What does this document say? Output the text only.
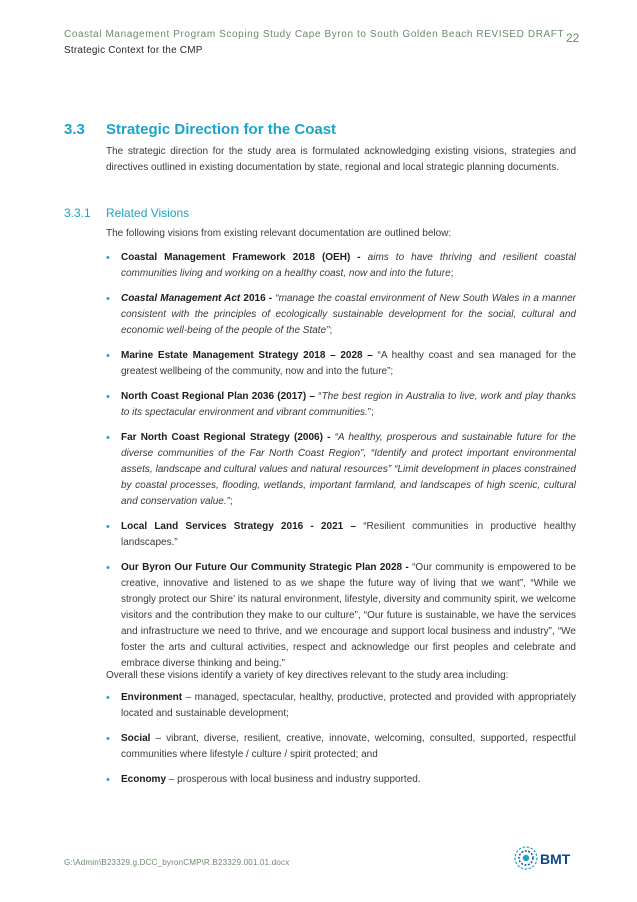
Coastal Management Program Scoping Study Cape Byron to South Golden Beach REVISED DRAFT
Strategic Context for the CMP
22
3.3 Strategic Direction for the Coast
The strategic direction for the study area is formulated acknowledging existing visions, strategies and directives outlined in existing documentation by state, regional and local strategic planning documents.
3.3.1 Related Visions
The following visions from existing relevant documentation are outlined below:
• Coastal Management Framework 2018 (OEH) - aims to have thriving and resilient coastal communities living and working on a healthy coast, now and into the future;
• Coastal Management Act 2016 - “manage the coastal environment of New South Wales in a manner consistent with the principles of ecologically sustainable development for the social, cultural and economic well-being of the people of the State”;
• Marine Estate Management Strategy 2018 – 2028 – “A healthy coast and sea managed for the greatest wellbeing of the community, now and into the future”;
• North Coast Regional Plan 2036 (2017) – “The best region in Australia to live, work and play thanks to its spectacular environment and vibrant communities.”;
• Far North Coast Regional Strategy (2006) - “A healthy, prosperous and sustainable future for the diverse communities of the Far North Coast Region”, “Identify and protect important environmental assets, landscape and cultural values and natural resources” “Limit development in places constrained by coastal processes, flooding, wetlands, important farmland, and landscapes of high scenic, cultural and conservation value.”;
• Local Land Services Strategy 2016 - 2021 – “Resilient communities in productive healthy landscapes.”
• Our Byron Our Future Our Community Strategic Plan 2028 - “Our community is empowered to be creative, innovative and listened to as we shape the future way of living that we want”, “While we strongly protect our Shire’ its natural environment, lifestyle, diversity and community spirit, we welcome visitors and the contribution they make to our culture”, “Our future is sustainable, we have the services and infrastructure we need to thrive, and we encourage and support local business and industry”, “We foster the arts and cultural activities, respect and acknowledge our first peoples and celebrate and embrace diverse thinking and being.”
Overall these visions identify a variety of key directives relevant to the study area including:
• Environment – managed, spectacular, healthy, productive, protected and provided with appropriately located and sustainable development;
• Social – vibrant, diverse, resilient, creative, innovate, welcoming, consulted, supported, respectful communities where lifestyle / culture / spirit protected; and
• Economy – prosperous with local business and industry supported.
G:\Admin\B23329.g.DCC_byronCMP\R.B23329.001.01.docx	BMT
